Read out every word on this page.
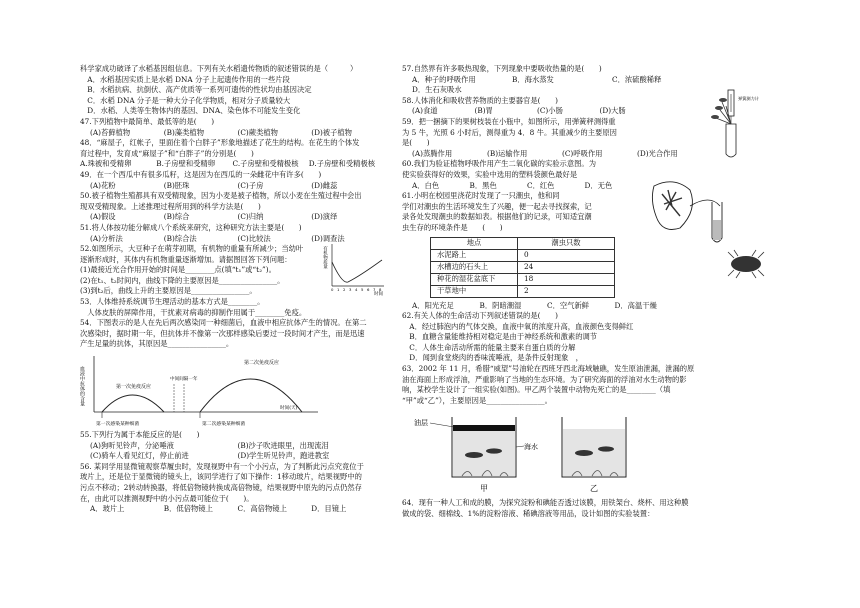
科学家成功破译了水稻基因组信息。下列有关水稻遗传物质的叙述错误的是（　　　）
　A．水稻基因实质上是水稻 DNA 分子上起遗传作用的一些片段
　B．水稻抗病、抗倒伏、高产优质等一系列可遗传的性状均由基因决定
　C．水稻 DNA 分子是一种大分子化学物质，相对分子质量较大
　D．水稻、人类等生物体内的基因、DNA、染色体不可能发生变化
47.下列植物中最简单、最低等的是(　　)
(A)苔藓植物	(B)藻类植物	(C)蕨类植物	(D)被子植物
48．“麻屋子，红帐子，里面住着个白胖子”形象地描述了花生的结构。在花生的个体发
育过程中，发育成“麻屋子”和“白胖子”的分别是(　　)
A.珠被和受精卵	B.子房壁和受精卵	C.子房壁和受精极核	D.子房壁和受精极核
49．在一个西瓜中有很多瓜籽，这是因为在西瓜的一朵雌花中有许多(　　)
(A)花粉	(B)胚珠	(C)子房	(D)雌蕊
50.被子植物生殖都具有双受精现象，因为小麦是被子植物，所以小麦在生殖过程中会出
现双受精现象。上述推理过程所用到的科学方法是(　　)
(A)假设	(B)综合	(C)归纳	(D)演绎
51.将人体按功能分解成八个系统来研究，这种研究方法主要是(　　)
(A)分析法	(B)综合法	(C)比较法	(D)调查法
52.如图所示，大豆种子在萌芽初期，有机物的重量有所减少；当幼叶
逐渐形成时，其体内有机物重量逐渐增加。请据图回答下列问题：
(1)最接近光合作用开始的时间是________点(填“t₁”或“t₂”)。
(2)在t₁、t₂时间内，曲线下降的主要原因是________________。
(3)到t₂后，曲线上升的主要原因是________________。
有机物质量
0 1 2 3 4 5 6 7 8
时间
53．人体维持系统调节生理活动的基本方式是________。
　人体皮肤的屏障作用，干扰素对病毒的抑制作用属于________免疫。
54．下图表示的是人在先后两次感染同一种细菌后，血液中相应抗体产生的情况。在第二
次感染时，据时期一年，但抗体并不像第一次那样感染后要过一段时间才产生，而是迅速
产生足量的抗体，其原因是________________。
血液中抗体的含量	第一次免疫反应
第二次免疫反应
中间间隔一年
时间(天)
第一次感染某种细菌	第二次感染某种细菌
55.下列行为属于本能反应的是(　　)
(A)狗听见铃声，分泌唾液	(B)沙子吹进眼里，出现流泪
(C)骑车人看见红灯，停止前进	(D)学生听见铃声，跑进教室
56. 某同学用显微镜观察草履虫时，发现视野中有一个小污点，为了判断此污点究竟位于
玻片上，还是位于显微镜的镜头上，该同学进行了如下操作：1移动玻片，结果视野中的
污点不移动；2转动转换器，将低倍物镜转换成高倍物镜，结果视野中原先的污点仍然存
在，由此可以推测视野中的小污点最可能位于(　　)。
A．玻片上	B．低倍物镜上	C．高倍物镜上	D．目镜上
57.自然界有许多吸热现象，下列现象中要吸收热量的是(　　)
A．种子的呼吸作用	B．海水蒸发	C．浓硫酸稀释
D．生石灰吸水
58.人体消化和吸收营养物质的主要器官是(　　)
(A)食道	(B)胃	(C)小肠	(D)大肠
59．把一捆摘下的果树枝装在小瓶中，如图所示，用弹簧秤测得重
为 5 牛，光照 6 小时后，测得重为 4．8 牛。其重减少的主要原因
是(　　)
(A)蒸腾作用	(B)运输作用	(C)呼吸作用	(D)光合作用
60.我们为验证植物呼吸作用产生二氧化碳的实验示意图。为
使实验获得好的效果，实验中选用的塑料袋颜色最好是
A．白色	B．黑色	C．红色	D．无色
61.小明在校园里浇花时发现了一只潮虫，他和同
学们对潮虫的生活环境发生了兴趣，便一起去寻找探索，记
录各处发现潮虫的数据如表。根据他们的记录，可知适宜潮
虫生存的环境条件是　　(　　)
地点	潮虫只数
水泥路上	0
水槽边的石头上	24
种花的湿花盆底下	18
干草地中	2
A．阳光充足	B．阴暗潮湿	C．空气新鲜	D．高温干燥
62.有关人体的生命活动下列叙述错误的是(　　)
　A．经过肺泡内的气体交换，血液中氧的浓度升高，血液颜色变得鲜红
　B．血糖含量能维持相对稳定是由于神经系统和激素的调节
　C．人体生命活动所需的能量主要来自蛋白质的分解
　D．闻到食堂烧肉的香味流唾液，是条件反射现象　，
63．2002 年 11 月，希腊“威望”号油轮在西班牙西北海域触礁，发生原油泄漏，泄漏的原
油在海面上形成浮油，严重影响了当地的生态环境。为了研究海面的浮油对水生动物的影
响，某校学生设计了一组实验(如图)。甲乙两个装置中动物先死亡的是________（填
“甲”或“乙”），主要原因是________________。
油层
海水
甲	乙
64．现有一种人工和成的膜，为探究淀粉和碘能否透过该膜，用铁架台、烧杯、用这种膜
做成的袋、细棉线、1%的淀粉溶液、稀碘溶液等用品，设计如图的实验装置：
弹簧测力计
